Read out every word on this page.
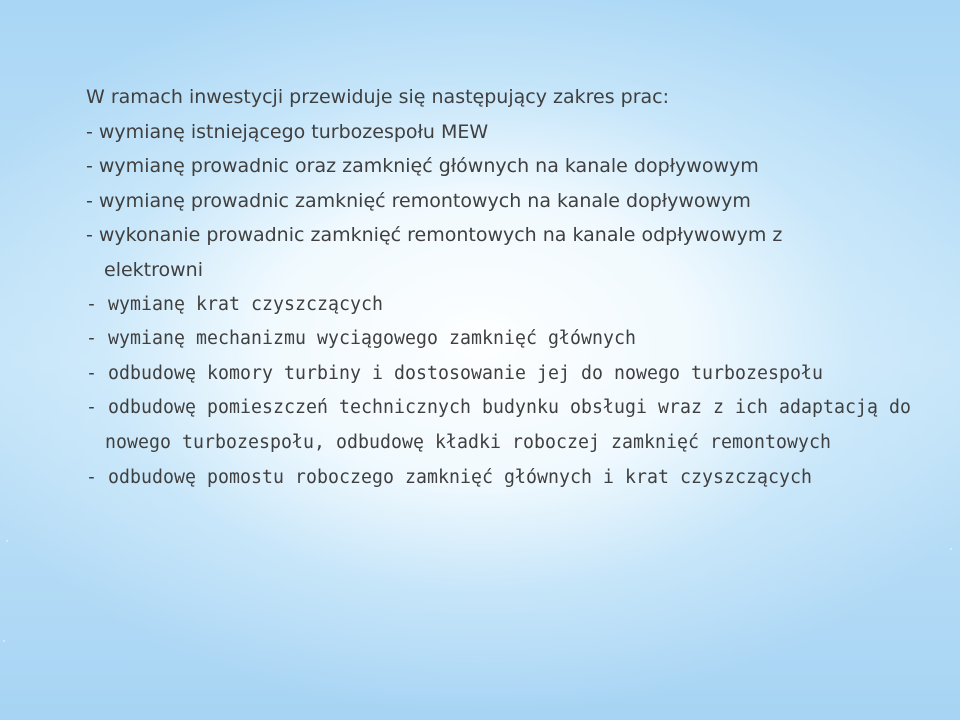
W ramach inwestycji przewiduje się następujący zakres prac:
- wymianę istniejącego turbozespołu MEW
- wymianę prowadnic oraz zamknięć głównych na kanale dopływowym
- wymianę prowadnic zamknięć remontowych na kanale dopływowym
- wykonanie prowadnic zamknięć remontowych na kanale odpływowym z
elektrowni
- wymianę krat czyszczących
- wymianę mechanizmu wyciągowego zamknięć głównych
- odbudowę komory turbiny i dostosowanie jej do nowego turbozespołu
- odbudowę pomieszczeń technicznych budynku obsługi wraz z ich adaptacją do
nowego turbozespołu, odbudowę kładki roboczej zamknięć remontowych
- odbudowę pomostu roboczego zamknięć głównych i krat czyszczących
